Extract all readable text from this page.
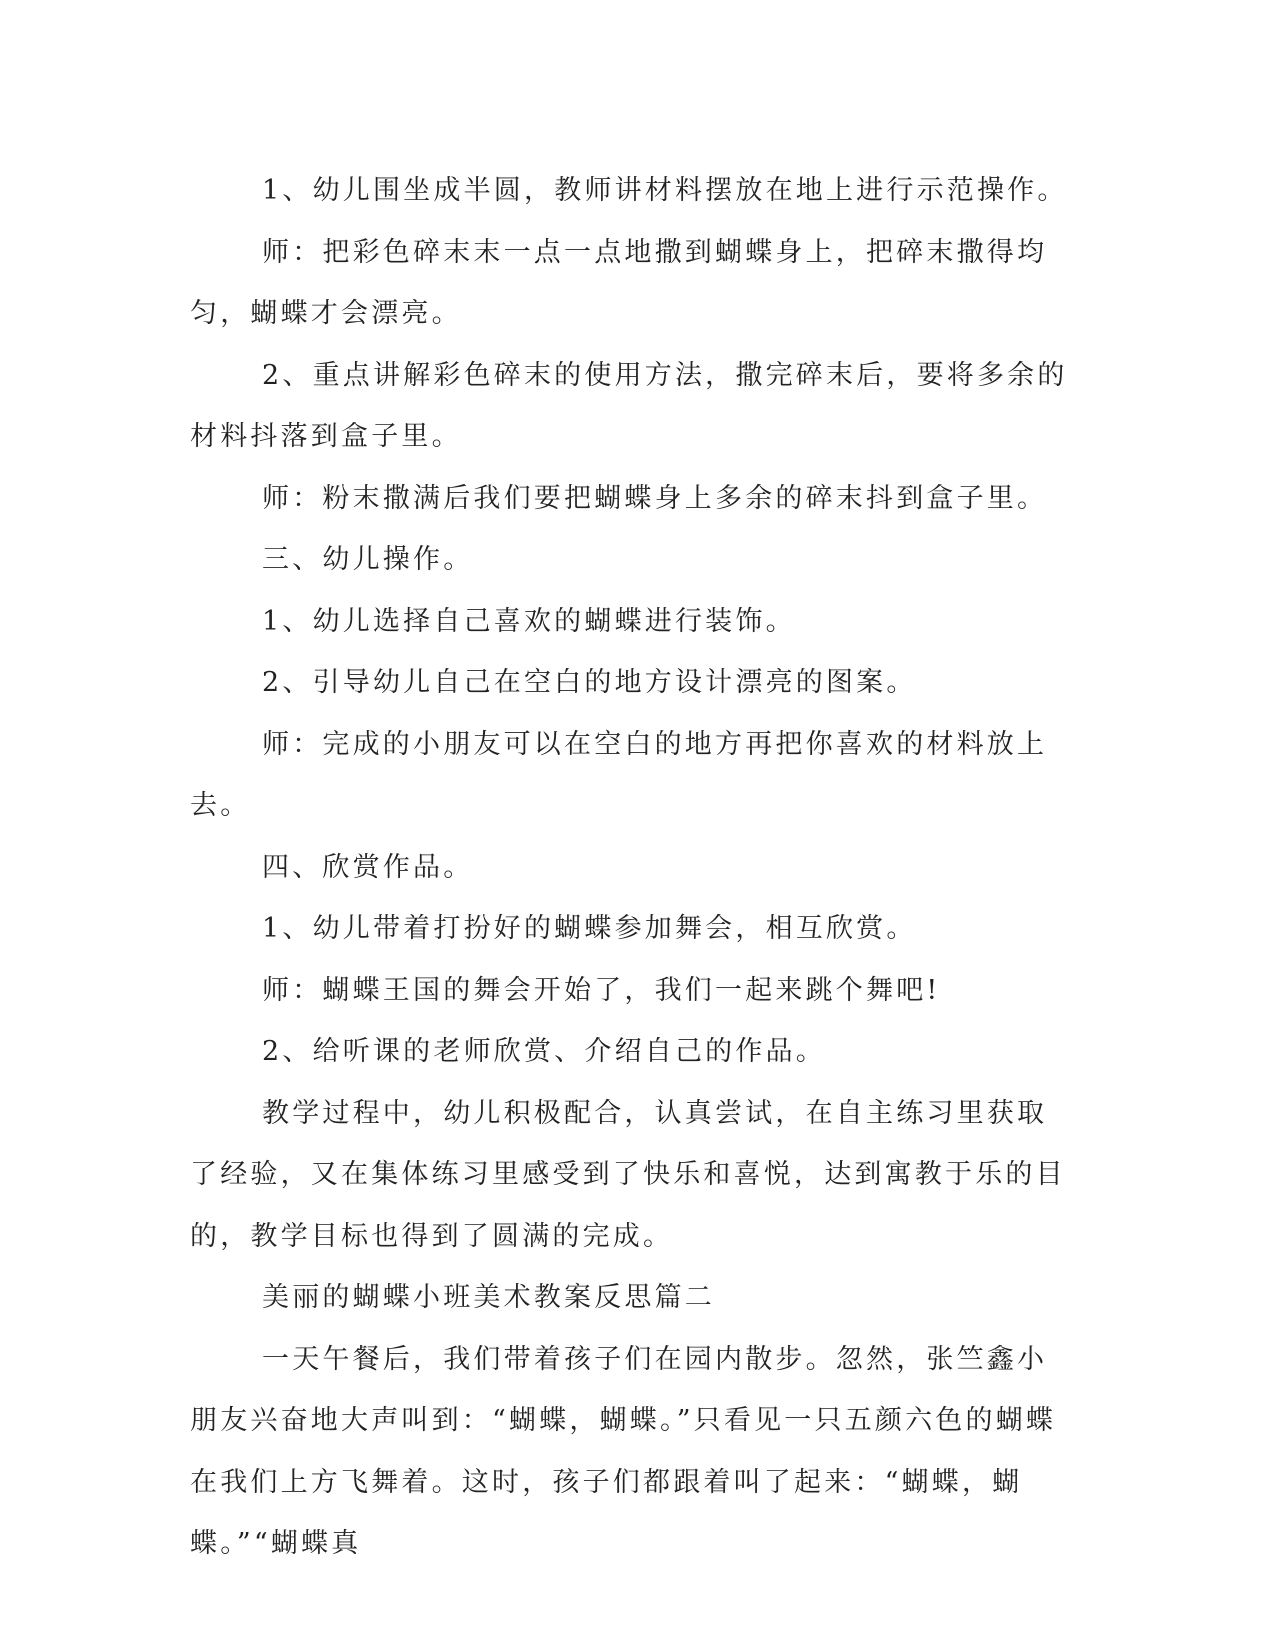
1、幼儿围坐成半圆，教师讲材料摆放在地上进行示范操作。

师：把彩色碎末末一点一点地撒到蝴蝶身上，把碎末撒得均匀，蝴蝶才会漂亮。

2、重点讲解彩色碎末的使用方法，撒完碎末后，要将多余的材料抖落到盒子里。

师：粉末撒满后我们要把蝴蝶身上多余的碎末抖到盒子里。

三、幼儿操作。

1、幼儿选择自己喜欢的蝴蝶进行装饰。

2、引导幼儿自己在空白的地方设计漂亮的图案。

师：完成的小朋友可以在空白的地方再把你喜欢的材料放上去。

四、欣赏作品。

1、幼儿带着打扮好的蝴蝶参加舞会，相互欣赏。

师：蝴蝶王国的舞会开始了，我们一起来跳个舞吧!

2、给听课的老师欣赏、介绍自己的作品。

教学过程中，幼儿积极配合，认真尝试，在自主练习里获取了经验，又在集体练习里感受到了快乐和喜悦，达到寓教于乐的目的，教学目标也得到了圆满的完成。

美丽的蝴蝶小班美术教案反思篇二

一天午餐后，我们带着孩子们在园内散步。忽然，张竺鑫小朋友兴奋地大声叫到：“蝴蝶，蝴蝶。”只看见一只五颜六色的蝴蝶在我们上方飞舞着。这时，孩子们都跟着叫了起来：“蝴蝶，蝴蝶。”“蝴蝶真
